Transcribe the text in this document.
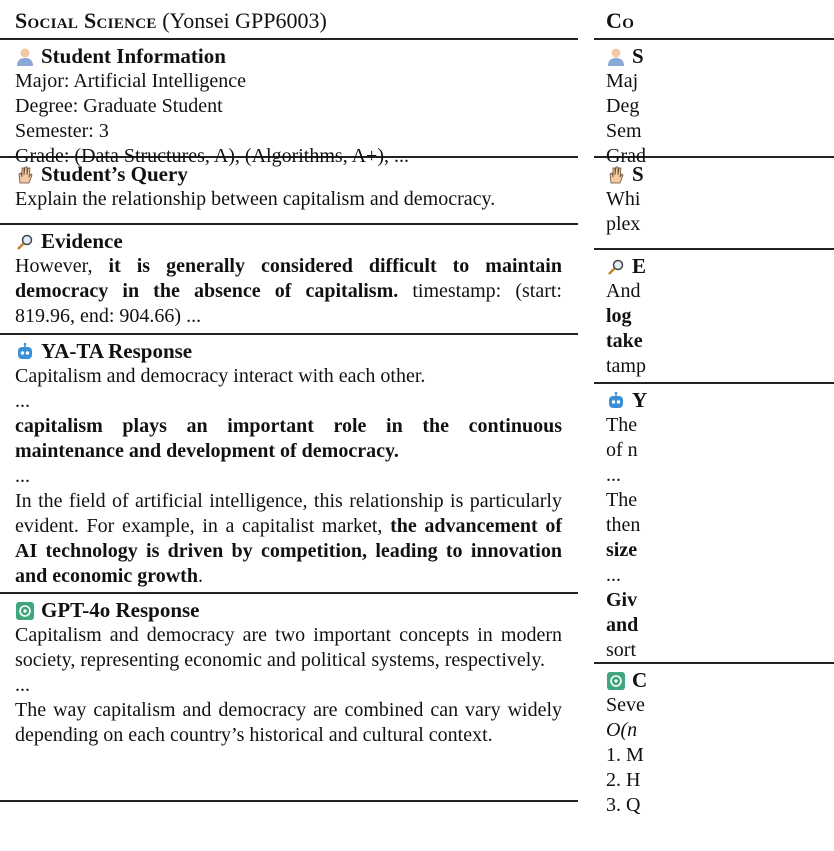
Social Science (Yonsei GPP6003)
Student Information

Major: Artificial Intelligence

Degree: Graduate Student

Semester: 3

Grade: (Data Structures, A), (Algorithms, A+), ...

Student’s Query

Explain the relationship between capitalism and democracy.

Evidence

However, it is generally considered difficult to maintain democracy in the absence of capitalism. timestamp: (start: 819.96, end: 904.66) ...

YA-TA Response

Capitalism and democracy interact with each other.

...

capitalism plays an important role in the continuous maintenance and development of democracy.

...

In the field of artificial intelligence, this relationship is particularly evident. For example, in a capitalist market, the advancement of AI technology is driven by competition, leading to innovation and economic growth.

GPT-4o Response

Capitalism and democracy are two important concepts in modern society, representing economic and political systems, respectively.

...

The way capitalism and democracy are combined can vary widely depending on each country’s historical and cultural context.

Co
S

Maj

Deg

Sem

Grad

S

Whi

plex

E

And

log

take

tamp

Y

The

of n

...

The

then

size

...

Giv

and

sort

C

Seve

O(n

1. M

2. H

3. Q
